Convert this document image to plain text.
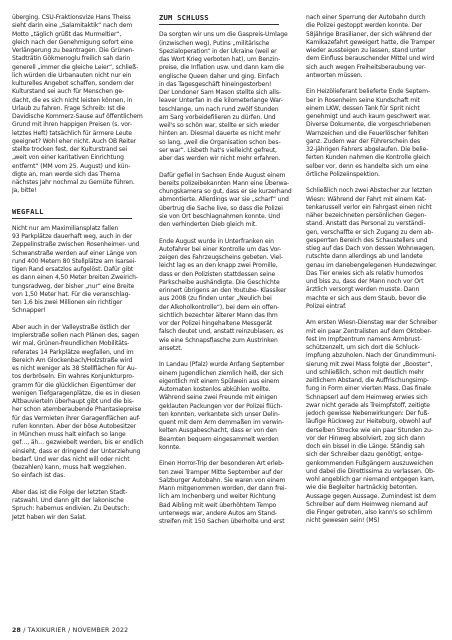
überging. CSU-Fraktionsvize Hans Theiss
sieht darin eine „Salamitaktik“ nach dem
Motto „täglich grüßt das Murmeltier“,
gleich nach der Genehmigung sofort eine
Verlängerung zu beantragen. Die Grünen-
Stadträtin Gökmenoglu freilich sah darin
generell „immer die gleiche Leier“, schließ-
lich würden die Urbanauten nicht nur ein
kulturelles Angebot schaffen, sondern der
Kulturstand sei auch für Menschen ge-
dacht, die es sich nicht leisten können, in
Urlaub zu fahren. Frage Schreib: Ist die
Davidische Kommerz-Sause auf öffentlichem
Grund mit ihren happigen Preisen (s. vor-
letztes Heft) tatsächlich für ärmere Leute
geeignet? Wohl eher nicht. Auch OB Reiter
stellte trocken fest, der Kulturstrand sei
„weit von einer karitativen Einrichtung
entfernt“ (MM vom 25. August) und kün-
digte an, man werde sich das Thema
nächstes Jahr nochmal zu Gemüte führen.
Ja, bitte!

WEGFALL

Nicht nur am Maximiliansplatz fallen
93 Parkplätze dauerhaft weg, auch in der
Zeppelinstraße zwischen Rosenheimer- und
Schwanstraße werden auf einer Länge von
rund 400 Metern 80 Stellplätze am Isarsei-
tigen Rand ersatzlos aufgelöst. Dafür gibt
es dann einen 4,50 Meter breiten Zweirich-
tungsradweg, der bisher „nur“ eine Breite
von 1,50 Meter hat. Für die veranschlag-
ten 1,6 bis zwei Millionen ein richtiger
Schnapper!

Aber auch in der Valleystraße östlich der
Implerstraße sollen nach Plänen des, sagen
wir mal, Grünen-freundlichen Mobilitäts-
referates 14 Parkplätze wegfallen, und im
Bereich Am Glockenbach/Holzstraße wird
es nicht weniger als 38 Stellflächen für Au-
tos derbröseln. Ein wahres Konjunkturpro-
gramm für die glücklichen Eigentümer der
wenigen Tiefgaragenplätze, die es in diesen
Altbauvierteln überhaupt gibt und die bis-
her schon atemberaubende Phantasiepreise
für das Vermieten ihrer Garagenflächen auf-
rufen konnten. Aber der böse Autobesitzer
in München muss halt einfach so lange
gef…, äh… gezwiebelt werden, bis er endlich
einsieht, dass er dringend der Unterziehung
bedarf. Und wer das nicht will oder nicht
(bezahlen) kann, muss halt wegziehen.
So einfach ist das.

Aber das ist die Folge der letzten Stadt-
ratswahl. Und dann gilt der lakonische
Spruch: habemus endivien. Zu Deutsch:
Jetzt haben wir den Salat.

ZUM SCHLUSS

Da sorgten wir uns um die Gaspreis-Umlage
(inzwischen weg), Putins „militärische
Spezialoperation“ in der Ukraine (weil er
das Wort Krieg verboten hat), um Benzin-
preise, die Inflation usw. und dann kam die
englische Queen daher und ging. Einfach
in das Tagesgeschäft hineingestorben!
Der Londoner Sam Mason stellte sich alls-
leaver Unterfan in die kilometerlange War-
teschlange, um nach rund zwölf Stunden
am Sarg vorbeidefilieren zu dürfen. Und
weil's so schön war, stellte er sich wieder
hinten an. Diesmal dauerte es nicht mehr
so lang, „weil die Organisation schon bes-
ser war“. Lisbeth hat's vielleicht gefreut,
aber das werden wir nicht mehr erfahren.

Dafür gefiel in Sachsen Ende August einem
bereits polizeibekannten Mann eine Überwa-
chungskamera so gut, dass er sie kurzerhand
abmontierte. Allerdings war sie „scharf“ und
übertrug die Sache live, so dass die Polizei
sie von Ort beschlagnahmen konnte. Und
den verhinderten Dieb gleich mit.

Ende August wurde in Unterfranken ein
Autofahrer bei einer Kontrolle um das Vor-
zeigen des Fahrzeugscheins gebeten. Viel-
leicht lag es an den knapp zwei Promille,
dass er den Polizisten stattdessen seine
Parkscheibe aushändigte. Die Geschichte
erinnert übrigens an den Youtube- Klassiker
aus 2008 (zu finden unter „Neulich bei
der Alkoholkontrolle“), bei dem ein offen-
sichtlich bezechter älterer Mann das Ihm
vor der Polizei hingehaltene Messgerät
falsch deutet und, anstatt reinzublasen, es
wie eine Schnapsflasche zum Austrinken
ansetzt.

In Landau (Pfalz) wurde Anfang September
einem Jugendlichen ziemlich heiß, der sich
eigentlich mit einem Spülwein aus einem
Automaten kostenlos abkühlen wollte.
Während seine zwei Freunde mit einigen
geklauten Packungen vor der Polizei flüch-
ten konnten, verkantete sich unser Delin-
quent mit dem Arm demmaßen im verwin-
kelten Ausgabeschacht, dass er von den
Beamten bequem eingesammelt werden
konnte.

Einen Horror-Trip der besonderen Art erleb-
ten zwei Tramper Mitte September auf der
Salzburger Autobahn. Sie waren von einem
Mann mitgenommen worden, der dann frei-
lich am Inchenberg und weiter Richtung
Bad Aibling mit weit überhöhtem Tempo
unterwegs war, andere Autos am Stand-
streifen mit 150 Sachen überholte und erst

nach einer Sperrung der Autobahn durch
die Polizei gestoppt werden konnte. Der
58jährige Brasilianer, der sich während der
Kamikazefahrt geweigert hatte, die Tramper
wieder aussteigen zu lassen, stand unter
dem Einfluss berauschender Mittel und wird
sich auch wegen Freiheitsberaubung ver-
antworten müssen.

Ein Heizölieferant belieferte Ende Septem-
ber in Rosenheim seine Kundschaft mit
einem LKW, dessen Tank für Sprit nicht
genehmigt und auch kaum geschwert war.
Diverse Dokumente, die vorgeschriebenen
Warnzeichen und die Feuerlöscher fehlten
ganz. Zudem war der Führerschein des
32-jährigen Fahrers abgelaufen. Die belie-
ferten Kunden nahmen die Kontrolle gleich
selber vor, denn es handelte sich um eine
örtliche Polizeiinspektion.

Schließlich noch zwei Abstecher zur letzten
Wiesn: Während der Fahrt mit einem Kat-
tenkarussell verlor ein Fahrgast einen nicht
näher bezeichneten persönlichen Gegen-
stand. Anstatt das Personal zu verständi-
gen, verschaffte er sich Zugang zu dem ab-
gesperrten Bereich des Schaustellers und
stieg auf das Dach von dessen Wohnwagen,
rutschte dann allerdings ab und landete
genau im danebengelegenen Hundezwinger.
Das Tier erwies sich als relativ humorlos
und biss zu, dass der Mann noch vor Ort
ärztlich versorgt werden musste. Dann
machte er sich aus dem Staub, bevor die
Polizei eintraf.

Am ersten Wiesn-Dienstag war der Schreiber
mit ein paar Zentralisten auf dem Oktober-
fest im Impfzentrum namens Armbrust-
schützenzelt, um sich dort die Schluck-
impfung abzuholen. Nach der Grundimmuni-
sierung mit zwei Mass folgte der „Booster“,
und schließlich, schon mit deutlich mehr
zeitlichem Abstand, die Auffrischungsimp-
fung in Form einer vierten Mass. Das finale
Schnapserl auf dem Heimweg erwies sich
zwar nicht gerade als Treimpfstoff, zeitigte
jedoch gewisse Nebenwirkungen: Der fuß-
läufige Rückweg zur Heiteburg, obwohl auf
derselben Strecke wie ein paar Stunden zu-
vor der Hinweg absolviert, zog sich dann
doch ein bissel in die Länge. Ständig sah
sich der Schreiber dazu genötigt, entge-
genkommenden Fußgängern auszuweichen
und dabei die Direttissima zu verlassen. Ob-
wohl angeblich gar niemand entgegen kam,
wie die Begleiter hartnäckig betonten.
Aussage gegen Aussage. Zumindest ist dem
Schreiber auf dem Heimweg niemand auf
die Finger getreten, also kann's so schlimm
nicht gewesen sein! (MS)

28 / TAXIKURIER / NOVEMBER 2022
